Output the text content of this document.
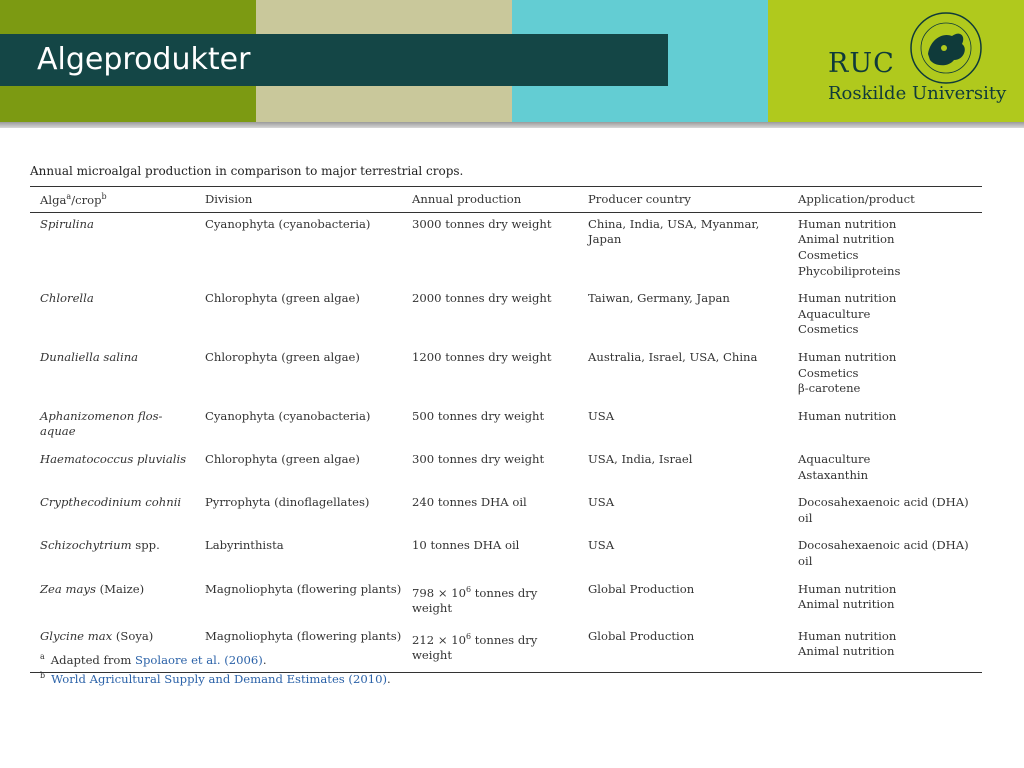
Algeprodukter	RUC
Roskilde University
Annual microalgal production in comparison to major terrestrial crops.
Alga$^a$/crop$^b$	Division	Annual production	Producer country	Application/product
Spirulina	Cyanophyta (cyanobacteria)	3000 tonnes dry weight	China, India, USA, Myanmar, Japan	Human nutrition
Animal nutrition
Cosmetics
Phycobiliproteins

Chlorella	Chlorophyta (green algae)	2000 tonnes dry weight	Taiwan, Germany, Japan	Human nutrition
Aquaculture
Cosmetics

Dunaliella salina	Chlorophyta (green algae)	1200 tonnes dry weight	Australia, Israel, USA, China	Human nutrition
Cosmetics
β-carotene

Aphanizomenon flos-aquae	Cyanophyta (cyanobacteria)	500 tonnes dry weight	USA	Human nutrition

Haematococcus pluvialis	Chlorophyta (green algae)	300 tonnes dry weight	USA, India, Israel	Aquaculture
Astaxanthin

Crypthecodinium cohnii	Pyrrophyta (dinoflagellates)	240 tonnes DHA oil	USA	Docosahexaenoic acid (DHA) oil

Schizochytrium spp.	Labyrinthista	10 tonnes DHA oil	USA	Docosahexaenoic acid (DHA) oil

Zea mays (Maize)	Magnoliophyta (flowering plants)	$798 \times 10^6$ tonnes dry weight	Global Production	Human nutrition
Animal nutrition

Glycine max (Soya)	Magnoliophyta (flowering plants)	$212 \times 10^6$ tonnes dry weight	Global Production	Human nutrition
Animal nutrition
$^a$ Adapted from Spolaore et al. (2006).
$^b$ World Agricultural Supply and Demand Estimates (2010).
